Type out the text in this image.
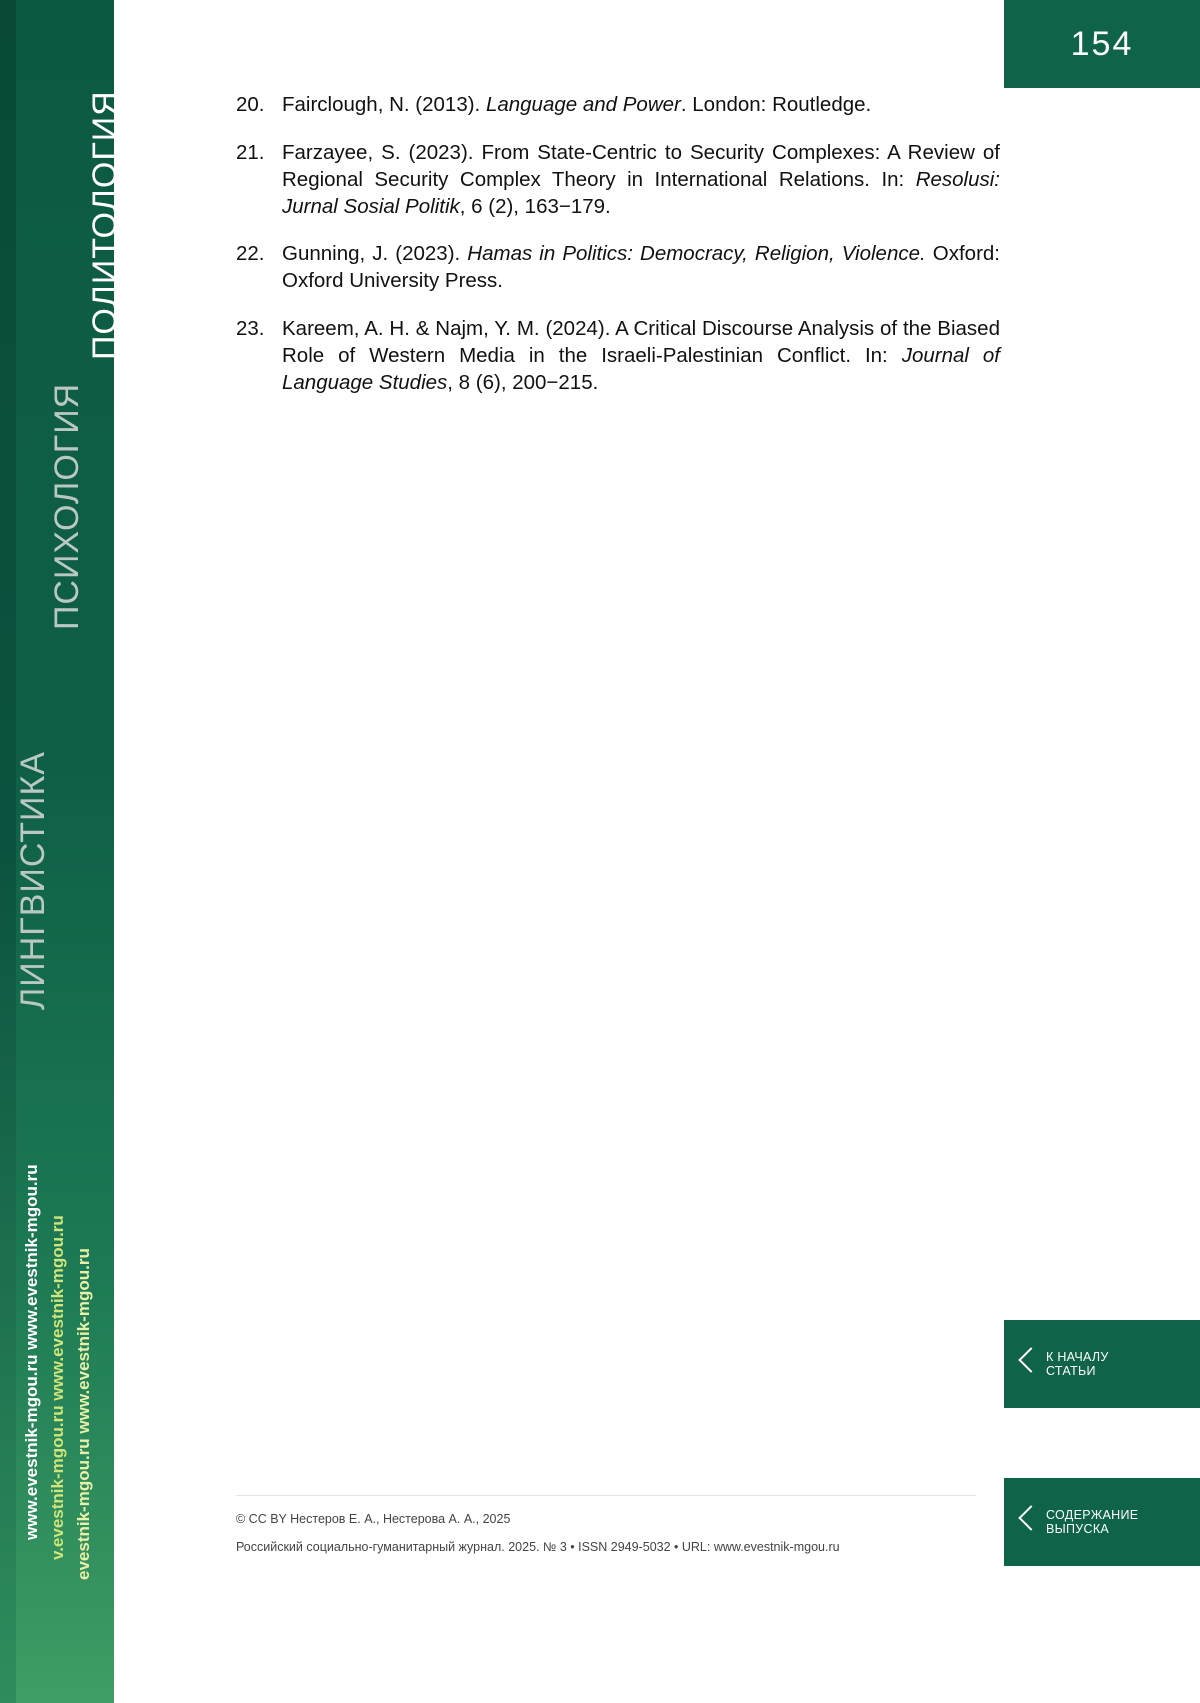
ПОЛИТОЛОГИЯ
ПСИХОЛОГИЯ
ЛИНГВИСТИКА
www.evestnik-mgou.ru www.evestnik-mgou.ru v.evestnik-mgou.ru www.evestnik-mgou.ru evestnik-mgou.ru www.evestnik-mgou.ru
154
20. Fairclough, N. (2013). Language and Power. London: Routledge.
21. Farzayee, S. (2023). From State-Centric to Security Complexes: A Review of Regional Security Complex Theory in International Relations. In: Resolusi: Jurnal Sosial Politik, 6 (2), 163−179.
22. Gunning, J. (2023). Hamas in Politics: Democracy, Religion, Violence. Oxford: Oxford University Press.
23. Kareem, A. H. & Najm, Y. M. (2024). A Critical Discourse Analysis of the Biased Role of Western Media in the Israeli-Palestinian Conflict. In: Journal of Language Studies, 8 (6), 200−215.
К НАЧАЛУ
СТАТЬИ
СОДЕРЖАНИЕ
ВЫПУСКА
© CC BY Нестеров Е. А., Нестерова А. А., 2025
Российский социально-гуманитарный журнал. 2025. № 3 • ISSN 2949-5032 • URL: www.evestnik-mgou.ru
